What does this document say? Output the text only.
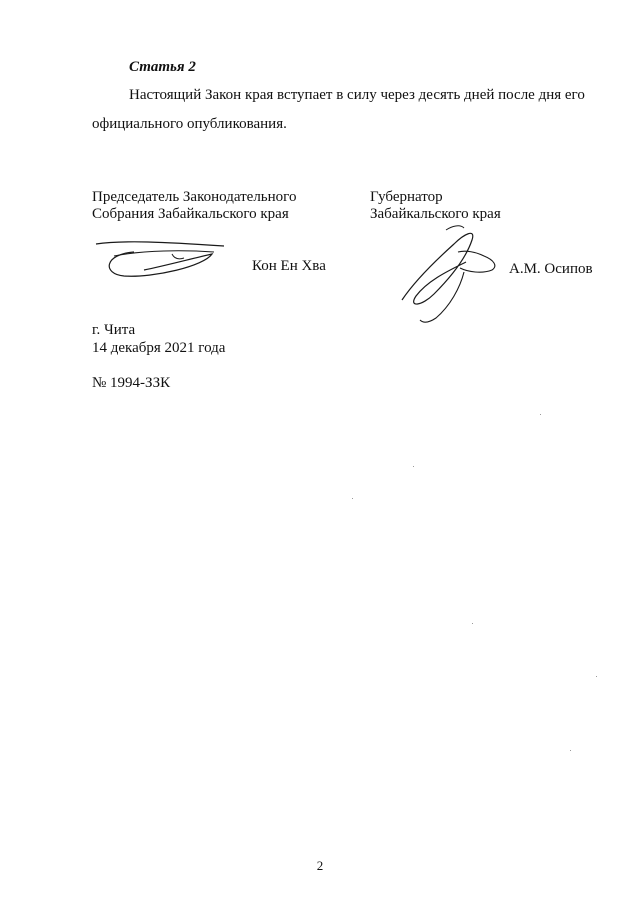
Статья 2
Настоящий Закон края вступает в силу через десять дней после дня его
официального опубликования.
Председатель Законодательного
Собрания Забайкальского края
Губернатор
Забайкальского края
Кон Ен Хва	А.М. Осипов
г. Чита
14 декабря 2021 года
№ 1994-ЗЗК
2
